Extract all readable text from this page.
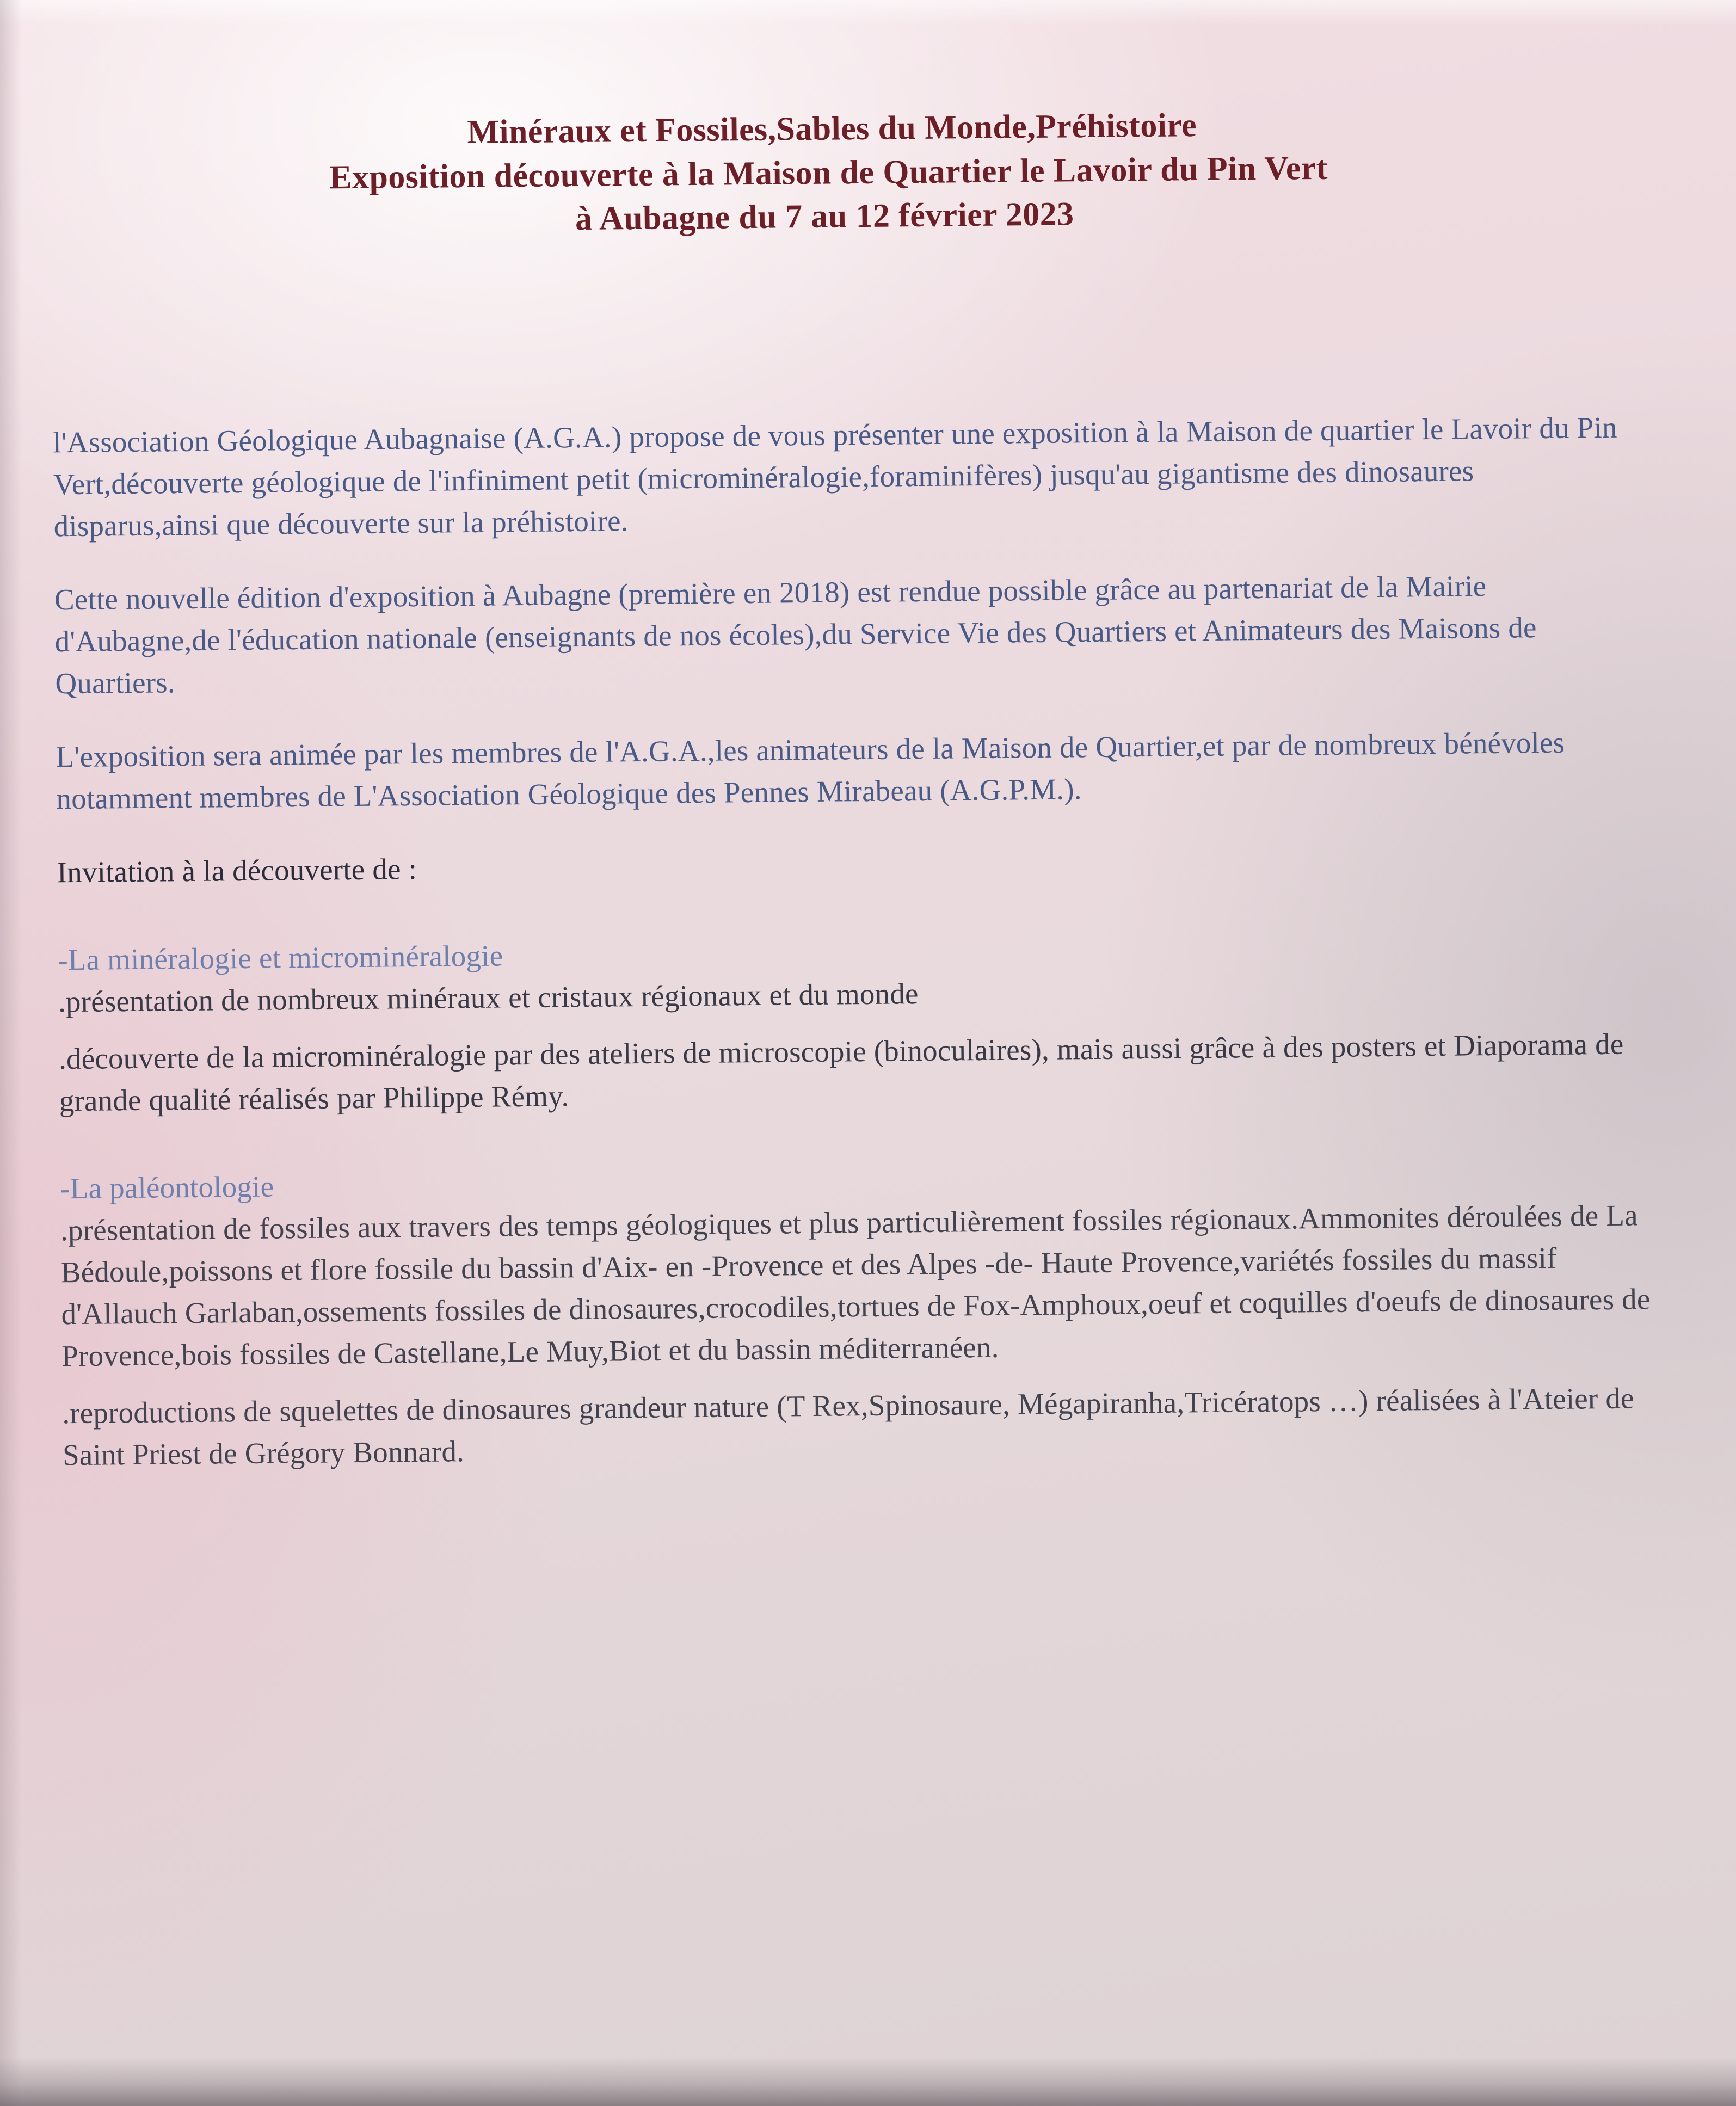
Minéraux et Fossiles,Sables du Monde,Préhistoire
Exposition découverte à la Maison de Quartier le Lavoir du Pin Vert
à Aubagne du 7 au 12 février 2023

l'Association Géologique Aubagnaise (A.G.A.) propose de vous présenter une exposition à la Maison de quartier le Lavoir du Pin Vert,découverte géologique de l'infiniment petit (microminéralogie,foraminifères) jusqu'au gigantisme des dinosaures disparus,ainsi que découverte sur la préhistoire.

Cette nouvelle édition d'exposition à Aubagne (première en 2018) est rendue possible grâce au partenariat de la Mairie d'Aubagne,de l'éducation nationale (enseignants de nos écoles),du Service Vie des Quartiers et Animateurs des Maisons de Quartiers.

L'exposition sera animée par les membres de l'A.G.A.,les animateurs de la Maison de Quartier,et par de nombreux bénévoles notamment membres de L'Association Géologique des Pennes Mirabeau (A.G.P.M.).

Invitation à la découverte de :

-La minéralogie et microminéralogie

.présentation de nombreux minéraux et cristaux régionaux et du monde

.découverte de la microminéralogie par des ateliers de microscopie (binoculaires), mais aussi grâce à des posters et Diaporama de grande qualité réalisés par Philippe Rémy.

-La paléontologie

.présentation de fossiles aux travers des temps géologiques et plus particulièrement fossiles régionaux.Ammonites déroulées de La Bédoule,poissons et flore fossile du bassin d'Aix- en -Provence et des Alpes -de- Haute Provence,variétés fossiles du massif d'Allauch Garlaban,ossements fossiles de dinosaures,crocodiles,tortues de Fox-Amphoux,oeuf et coquilles d'oeufs de dinosaures de Provence,bois fossiles de Castellane,Le Muy,Biot et du bassin méditerranéen.

.reproductions de squelettes de dinosaures grandeur nature (T Rex,Spinosaure, Mégapiranha,Tricératops …) réalisées à l'Ateier de Saint Priest de Grégory Bonnard.
